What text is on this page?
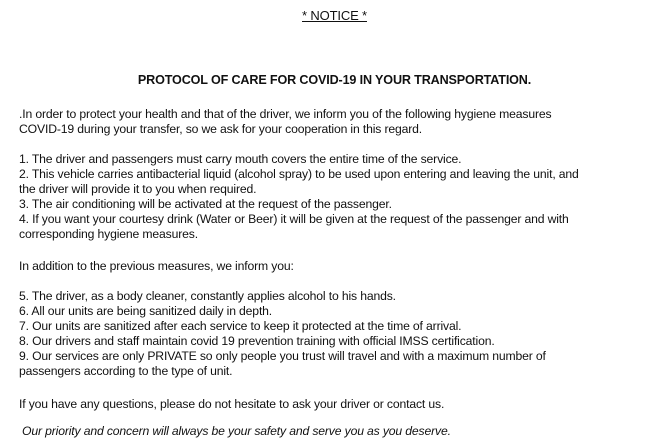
* NOTICE *
PROTOCOL OF CARE FOR COVID-19 IN YOUR TRANSPORTATION.
.In order to protect your health and that of the driver, we inform you of the following hygiene measures
COVID-19 during your transfer, so we ask for your cooperation in this regard.
1. The driver and passengers must carry mouth covers the entire time of the service.
2. This vehicle carries antibacterial liquid (alcohol spray) to be used upon entering and leaving the unit, and
the driver will provide it to you when required.
3. The air conditioning will be activated at the request of the passenger.
4. If you want your courtesy drink (Water or Beer) it will be given at the request of the passenger and with
corresponding hygiene measures.
In addition to the previous measures, we inform you:
5. The driver, as a body cleaner, constantly applies alcohol to his hands.
6. All our units are being sanitized daily in depth.
7. Our units are sanitized after each service to keep it protected at the time of arrival.
8. Our drivers and staff maintain covid 19 prevention training with official IMSS certification.
9. Our services are only PRIVATE so only people you trust will travel and with a maximum number of
passengers according to the type of unit.
If you have any questions, please do not hesitate to ask your driver or contact us.
Our priority and concern will always be your safety and serve you as you deserve.
